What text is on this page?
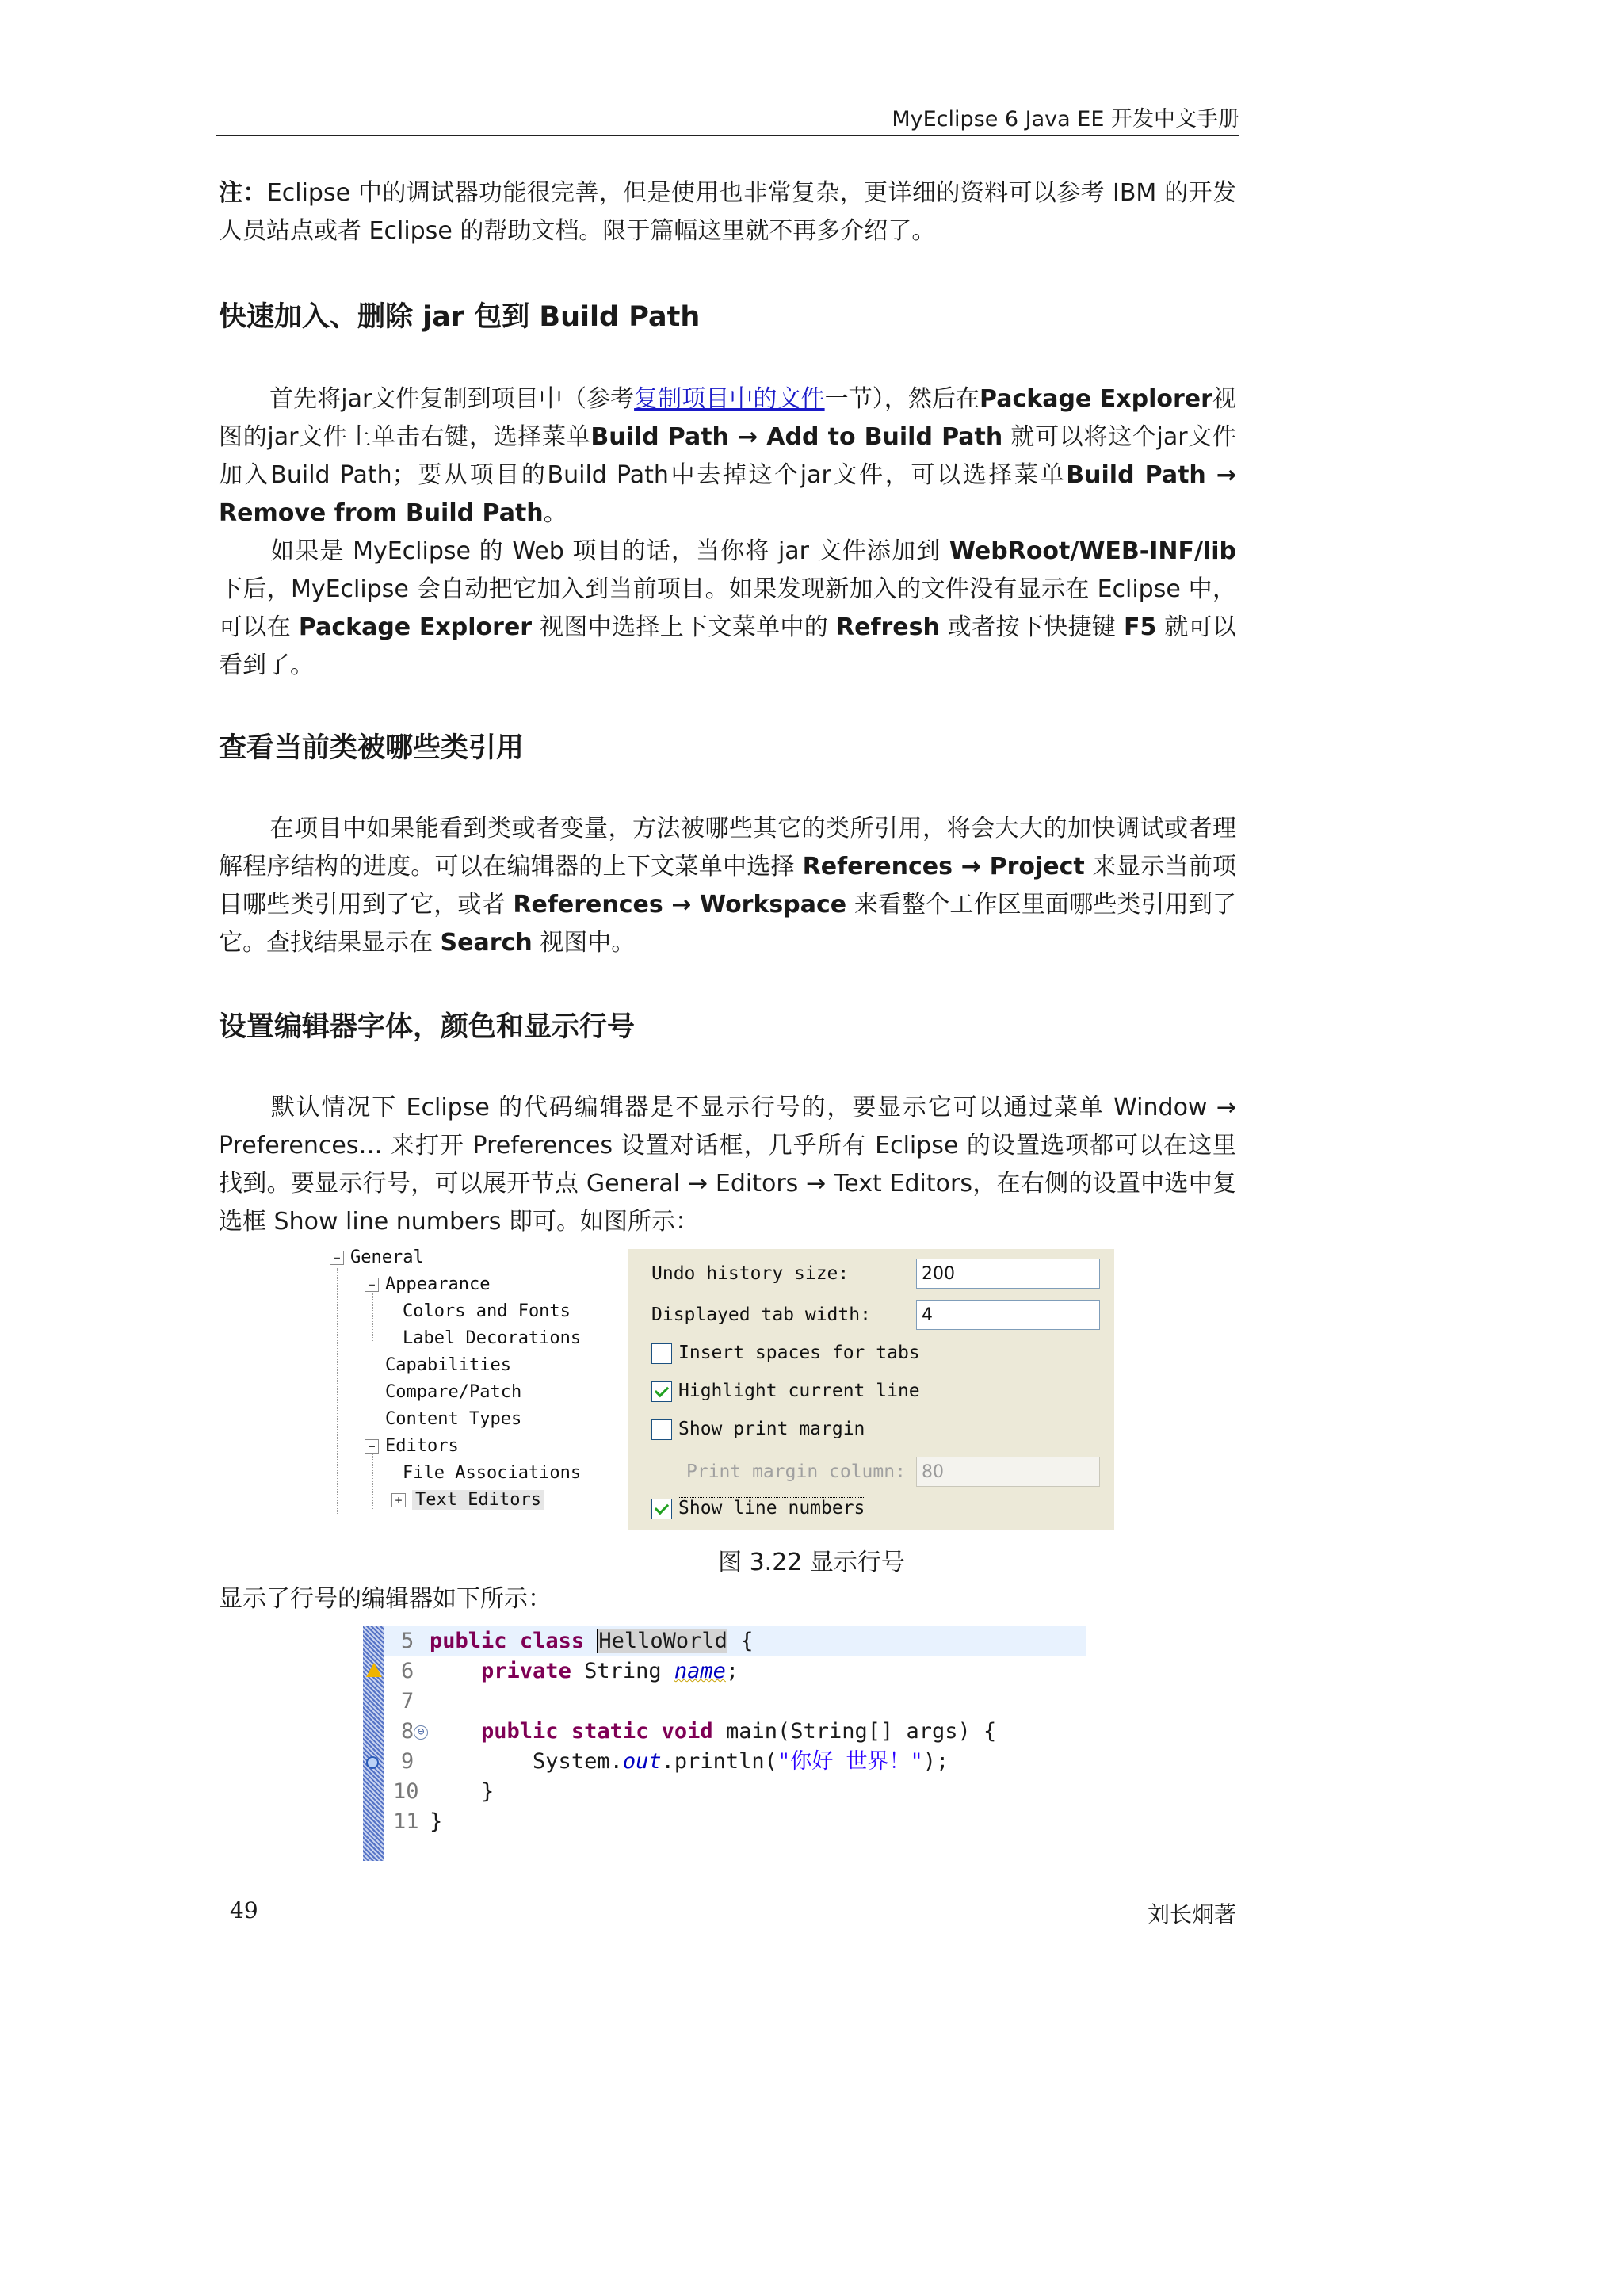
MyEclipse 6 Java EE 开发中文手册

注：Eclipse 中的调试器功能很完善，但是使用也非常复杂，更详细的资料可以参考 IBM 的开发人员站点或者 Eclipse 的帮助文档。限于篇幅这里就不再多介绍了。

快速加入、删除 jar 包到 Build Path

首先将jar文件复制到项目中（参考复制项目中的文件一节），然后在Package Explorer视图的jar文件上单击右键，选择菜单Build Path → Add to Build Path 就可以将这个jar文件加入Build Path；要从项目的Build Path中去掉这个jar文件，可以选择菜单Build Path → Remove from Build Path。

如果是 MyEclipse 的 Web 项目的话，当你将 jar 文件添加到 WebRoot/WEB-INF/lib 下后，MyEclipse 会自动把它加入到当前项目。如果发现新加入的文件没有显示在 Eclipse 中，可以在 Package Explorer 视图中选择上下文菜单中的 Refresh 或者按下快捷键 F5 就可以看到了。

查看当前类被哪些类引用

在项目中如果能看到类或者变量，方法被哪些其它的类所引用，将会大大的加快调试或者理解程序结构的进度。可以在编辑器的上下文菜单中选择 References → Project 来显示当前项目哪些类引用到了它，或者 References → Workspace 来看整个工作区里面哪些类引用到了它。查找结果显示在 Search 视图中。

设置编辑器字体，颜色和显示行号

默认情况下 Eclipse 的代码编辑器是不显示行号的，要显示它可以通过菜单 Window → Preferences… 来打开 Preferences 设置对话框，几乎所有 Eclipse 的设置选项都可以在这里找到。要显示行号，可以展开节点 General → Editors → Text Editors，在右侧的设置中选中复选框 Show line numbers 即可。如图所示：

− General
− Appearance
Colors and Fonts
Label Decorations
Capabilities
Compare/Patch
Content Types
− Editors
File Associations
+ Text Editors
Undo history size:	200
Displayed tab width:	4
Insert spaces for tabs
Highlight current line
Show print margin
Print margin column: 80
Show line numbers
图 3.22 显示行号
显示了行号的编辑器如下所示：
5 public class HelloWorld {
6	private String name;
7
8 ⊖	public static void main(String[] args) {
9	System.out.println("你好 世界！");
10	}
11 }
49	刘长炯著
